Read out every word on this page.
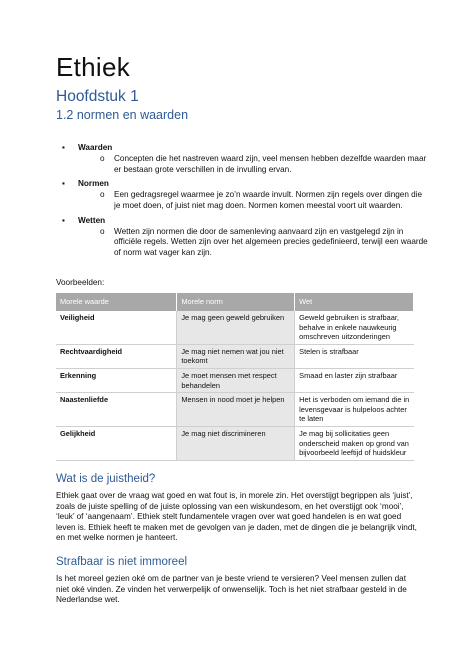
Ethiek
Hoofdstuk 1
1.2 normen en waarden
▪ Waarden
o Concepten die het nastreven waard zijn, veel mensen hebben dezelfde waarden maar er bestaan grote verschillen in de invulling ervan.
▪ Normen
o Een gedragsregel waarmee je zo’n waarde invult. Normen zijn regels over dingen die je moet doen, of juist niet mag doen. Normen komen meestal voort uit waarden.
▪ Wetten
o Wetten zijn normen die door de samenleving aanvaard zijn en vastgelegd zijn in officiële regels. Wetten zijn over het algemeen precies gedefinieerd, terwijl een waarde of norm wat vager kan zijn.
Voorbeelden:
Morele waarde	Morele norm	Wet
Veiligheid	Je mag geen geweld gebruiken	Geweld gebruiken is strafbaar, behalve in enkele nauwkeurig omschreven uitzonderingen
Rechtvaardigheid	Je mag niet nemen wat jou niet toekomt	Stelen is strafbaar
Erkenning	Je moet mensen met respect behandelen	Smaad en laster zijn strafbaar
Naastenliefde	Mensen in nood moet je helpen	Het is verboden om iemand die in levensgevaar is hulpeloos achter te laten
Gelijkheid	Je mag niet discrimineren	Je mag bij sollicitaties geen onderscheid maken op grond van bijvoorbeeld leeftijd of huidskleur
Wat is de juistheid?
Ethiek gaat over de vraag wat goed en wat fout is, in morele zin. Het overstijgt begrippen als ‘juist’, zoals de juiste spelling of de juiste oplossing van een wiskundesom, en het overstijgt ook ‘mooi’, ‘leuk’ of ‘aangenaam’. Ethiek stelt fundamentele vragen over wat goed handelen is en wat goed leven is. Ethiek heeft te maken met de gevolgen van je daden, met de dingen die je belangrijk vindt, en met welke normen je hanteert.
Strafbaar is niet immoreel
Is het moreel gezien oké om de partner van je beste vriend te versieren? Veel mensen zullen dat niet oké vinden. Ze vinden het verwerpelijk of onwenselijk. Toch is het niet strafbaar gesteld in de Nederlandse wet.
